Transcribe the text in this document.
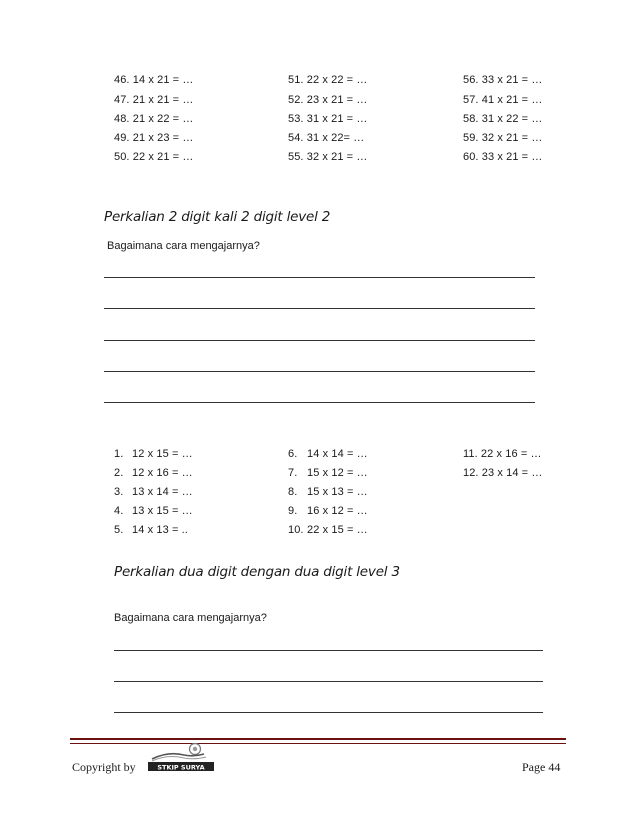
46. 14 x 21 = …
47. 21 x 21 = …
48. 21 x 22 = …
49. 21 x 23 = …
50. 22 x 21 = …
51. 22 x 22 = …
52. 23 x 21 = …
53. 31 x 21 = …
54. 31 x 22= …
55. 32 x 21 = …
56. 33 x 21 = …
57. 41 x 21 = …
58. 31 x 22 = …
59. 32 x 21 = …
60. 33 x 21 = …
Perkalian 2 digit kali 2 digit level 2
Bagaimana cara mengajarnya?
1. 12 x 15 = …
2. 12 x 16 = …
3. 13 x 14 = …
4. 13 x 15 = …
5. 14 x 13 = ..
6. 14 x 14 = …
7. 15 x 12 = …
8. 15 x 13 = …
9. 16 x 12 = …
10. 22 x 15 = …
11. 22 x 16 = …
12. 23 x 14 = …
Perkalian dua digit dengan dua digit level 3
Bagaimana cara mengajarnya?
Copyright by	STKIP SURYA	Page 44
